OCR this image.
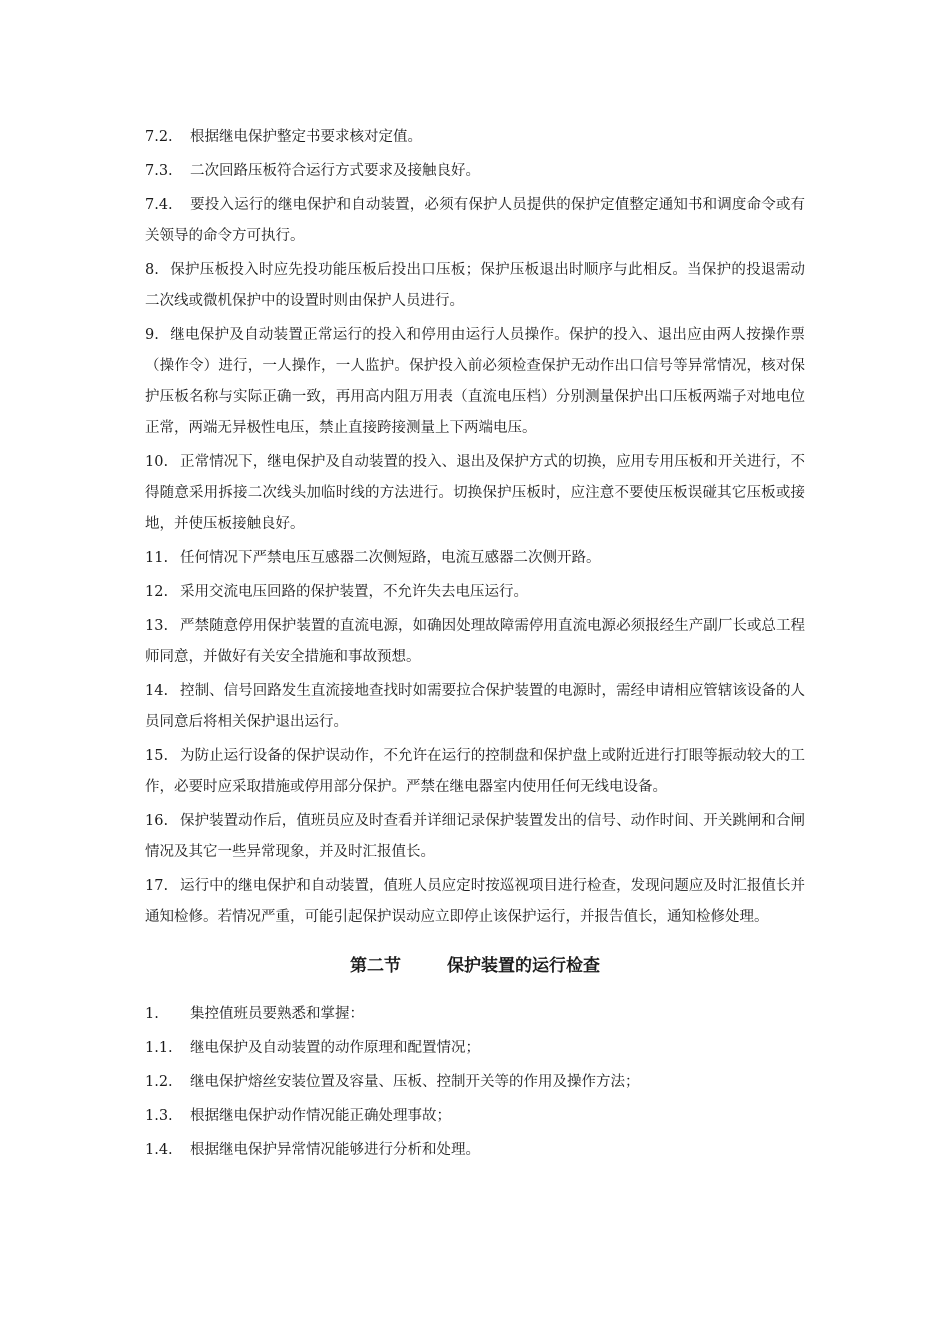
7.2. 根据继电保护整定书要求核对定值。
7.3. 二次回路压板符合运行方式要求及接触良好。
7.4. 要投入运行的继电保护和自动装置，必须有保护人员提供的保护定值整定通知书和调度命令或有关领导的命令方可执行。
8. 保护压板投入时应先投功能压板后投出口压板；保护压板退出时顺序与此相反。当保护的投退需动二次线或微机保护中的设置时则由保护人员进行。
9. 继电保护及自动装置正常运行的投入和停用由运行人员操作。保护的投入、退出应由两人按操作票（操作令）进行，一人操作，一人监护。保护投入前必须检查保护无动作出口信号等异常情况，核对保护压板名称与实际正确一致，再用高内阻万用表（直流电压档）分别测量保护出口压板两端子对地电位正常，两端无异极性电压，禁止直接跨接测量上下两端电压。
10. 正常情况下，继电保护及自动装置的投入、退出及保护方式的切换，应用专用压板和开关进行，不得随意采用拆接二次线头加临时线的方法进行。切换保护压板时，应注意不要使压板误碰其它压板或接地，并使压板接触良好。
11. 任何情况下严禁电压互感器二次侧短路，电流互感器二次侧开路。
12. 采用交流电压回路的保护装置，不允许失去电压运行。
13. 严禁随意停用保护装置的直流电源，如确因处理故障需停用直流电源必须报经生产副厂长或总工程师同意，并做好有关安全措施和事故预想。
14. 控制、信号回路发生直流接地查找时如需要拉合保护装置的电源时，需经申请相应管辖该设备的人员同意后将相关保护退出运行。
15. 为防止运行设备的保护误动作，不允许在运行的控制盘和保护盘上或附近进行打眼等振动较大的工作，必要时应采取措施或停用部分保护。严禁在继电器室内使用任何无线电设备。
16. 保护装置动作后，值班员应及时查看并详细记录保护装置发出的信号、动作时间、开关跳闸和合闸情况及其它一些异常现象，并及时汇报值长。
17. 运行中的继电保护和自动装置，值班人员应定时按巡视项目进行检查，发现问题应及时汇报值长并通知检修。若情况严重，可能引起保护误动应立即停止该保护运行，并报告值长，通知检修处理。
第二节	保护装置的运行检查
1. 集控值班员要熟悉和掌握：
1.1. 继电保护及自动装置的动作原理和配置情况；
1.2. 继电保护熔丝安装位置及容量、压板、控制开关等的作用及操作方法；
1.3. 根据继电保护动作情况能正确处理事故；
1.4. 根据继电保护异常情况能够进行分析和处理。
